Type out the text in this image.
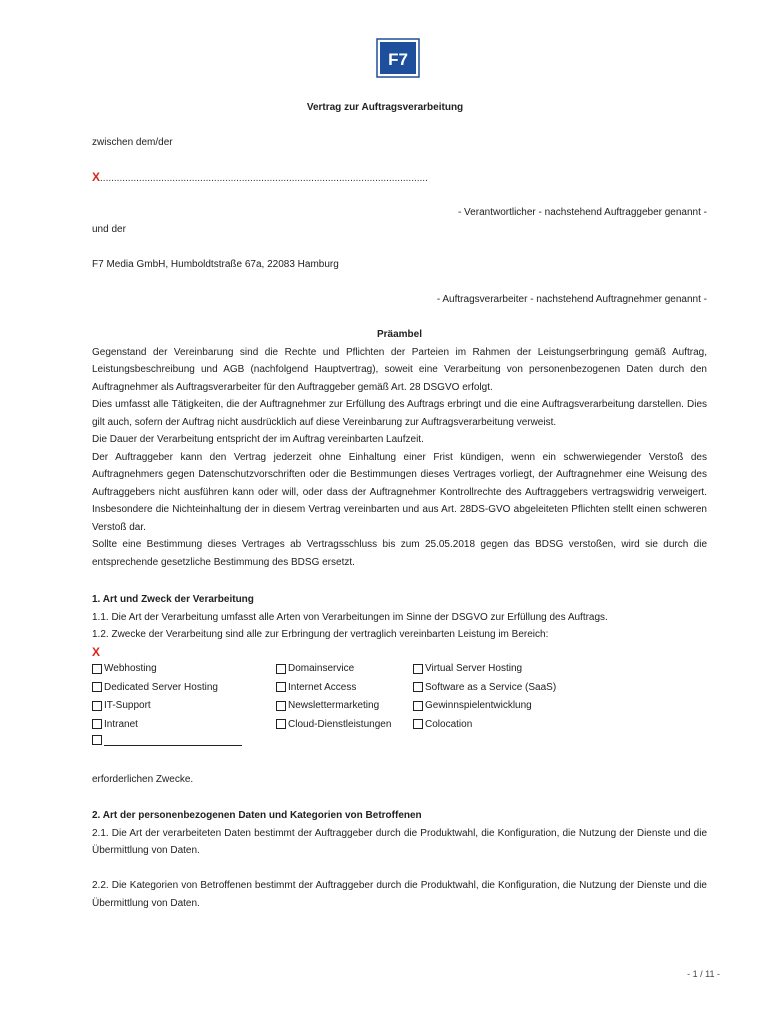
F7
Vertrag zur Auftragsverarbeitung
zwischen dem/der
X......................................................................................................................
- Verantwortlicher - nachstehend Auftraggeber genannt -
und der
F7 Media GmbH, Humboldtstraße 67a, 22083 Hamburg
- Auftragsverarbeiter - nachstehend Auftragnehmer genannt -

Präambel

Gegenstand der Vereinbarung sind die Rechte und Pflichten der Parteien im Rahmen der Leistungserbringung gemäß Auftrag, Leistungsbeschreibung und AGB (nachfolgend Hauptvertrag), soweit eine Verarbeitung von personenbezogenen Daten durch den Auftragnehmer als Auftragsverarbeiter für den Auftraggeber gemäß Art. 28 DSGVO erfolgt.

Dies umfasst alle Tätigkeiten, die der Auftragnehmer zur Erfüllung des Auftrags erbringt und die eine Auftragsverarbeitung darstellen. Dies gilt auch, sofern der Auftrag nicht ausdrücklich auf diese Vereinbarung zur Auftragsverarbeitung verweist.

Die Dauer der Verarbeitung entspricht der im Auftrag vereinbarten Laufzeit.

Der Auftraggeber kann den Vertrag jederzeit ohne Einhaltung einer Frist kündigen, wenn ein schwerwiegender Verstoß des Auftragnehmers gegen Datenschutzvorschriften oder die Bestimmungen dieses Vertrages vorliegt, der Auftragnehmer eine Weisung des Auftraggebers nicht ausführen kann oder will, oder dass der Auftragnehmer Kontrollrechte des Auftraggebers vertragswidrig verweigert. Insbesondere die Nichteinhaltung der in diesem Vertrag vereinbarten und aus Art. 28DS-GVO abgeleiteten Pflichten stellt einen schweren Verstoß dar.

Sollte eine Bestimmung dieses Vertrages ab Vertragsschluss bis zum 25.05.2018 gegen das BDSG verstoßen, wird sie durch die entsprechende gesetzliche Bestimmung des BDSG ersetzt.

1. Art und Zweck der Verarbeitung

1.1. Die Art der Verarbeitung umfasst alle Arten von Verarbeitungen im Sinne der DSGVO zur Erfüllung des Auftrags.

1.2. Zwecke der Verarbeitung sind alle zur Erbringung der vertraglich vereinbarten Leistung im Bereich:

X

Webhosting	Domainservice	Virtual Server Hosting
Dedicated Server Hosting	Internet Access	Software as a Service (SaaS)
IT-Support	Newslettermarketing	Gewinnspielentwicklung
Intranet	Cloud-Dienstleistungen	Colocation
erforderlichen Zwecke.

2. Art der personenbezogenen Daten und Kategorien von Betroffenen

2.1. Die Art der verarbeiteten Daten bestimmt der Auftraggeber durch die Produktwahl, die Konfiguration, die Nutzung der Dienste und die Übermittlung von Daten.

2.2. Die Kategorien von Betroffenen bestimmt der Auftraggeber durch die Produktwahl, die Konfiguration, die Nutzung der Dienste und die Übermittlung von Daten.

- 1 / 11 -
